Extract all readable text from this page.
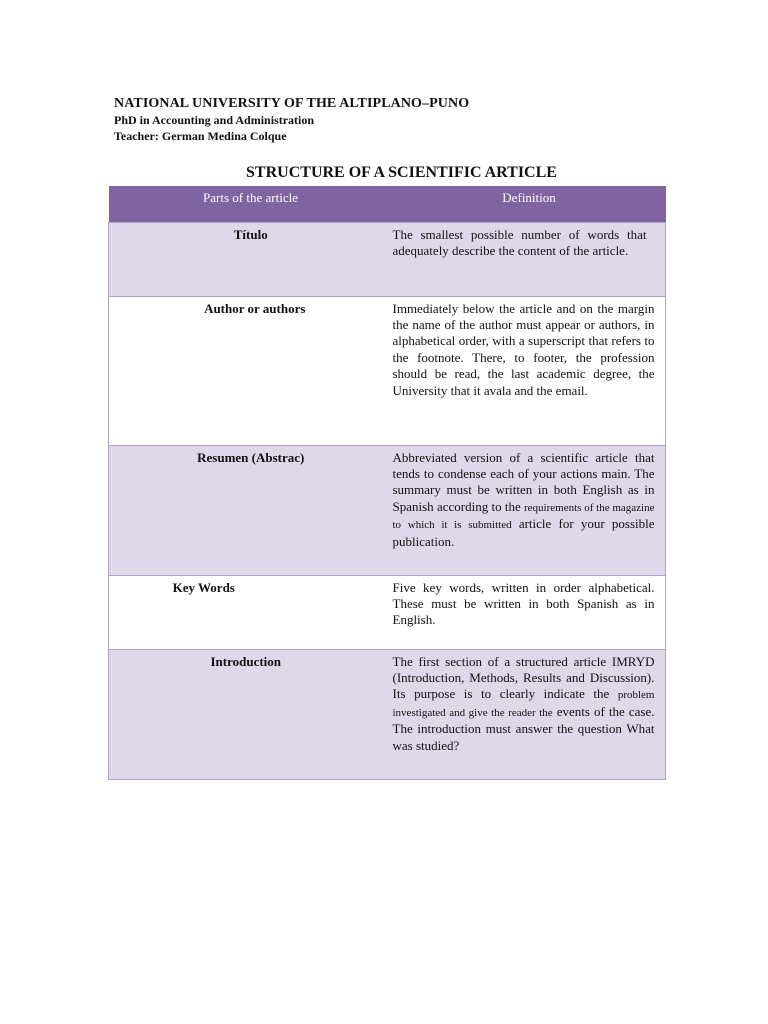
NATIONAL UNIVERSITY OF THE ALTIPLANO–PUNO
PhD in Accounting and Administration
Teacher: German Medina Colque
STRUCTURE OF A SCIENTIFIC ARTICLE
Parts of the article	Definition
Título	The smallest possible number of words that adequately describe the content of the article.

Author or authors	Immediately below the article and on the margin the name of the author must appear or authors, in alphabetical order, with a superscript that refers to the footnote. There, to footer, the profession should be read, the last academic degree, the University that it avala and the email.

Resumen (Abstrac)	Abbreviated version of a scientific article that tends to condense each of your actions main. The summary must be written in both English as in Spanish according to the requirements of the magazine to which it is submitted article for your possible publication.

Key Words	Five key words, written in order alphabetical. These must be written in both Spanish as in English.

Introduction	The first section of a structured article IMRYD (Introduction, Methods, Results and Discussion). Its purpose is to clearly indicate the problem investigated and give the reader the events of the case. The introduction must answer the question What was studied?
